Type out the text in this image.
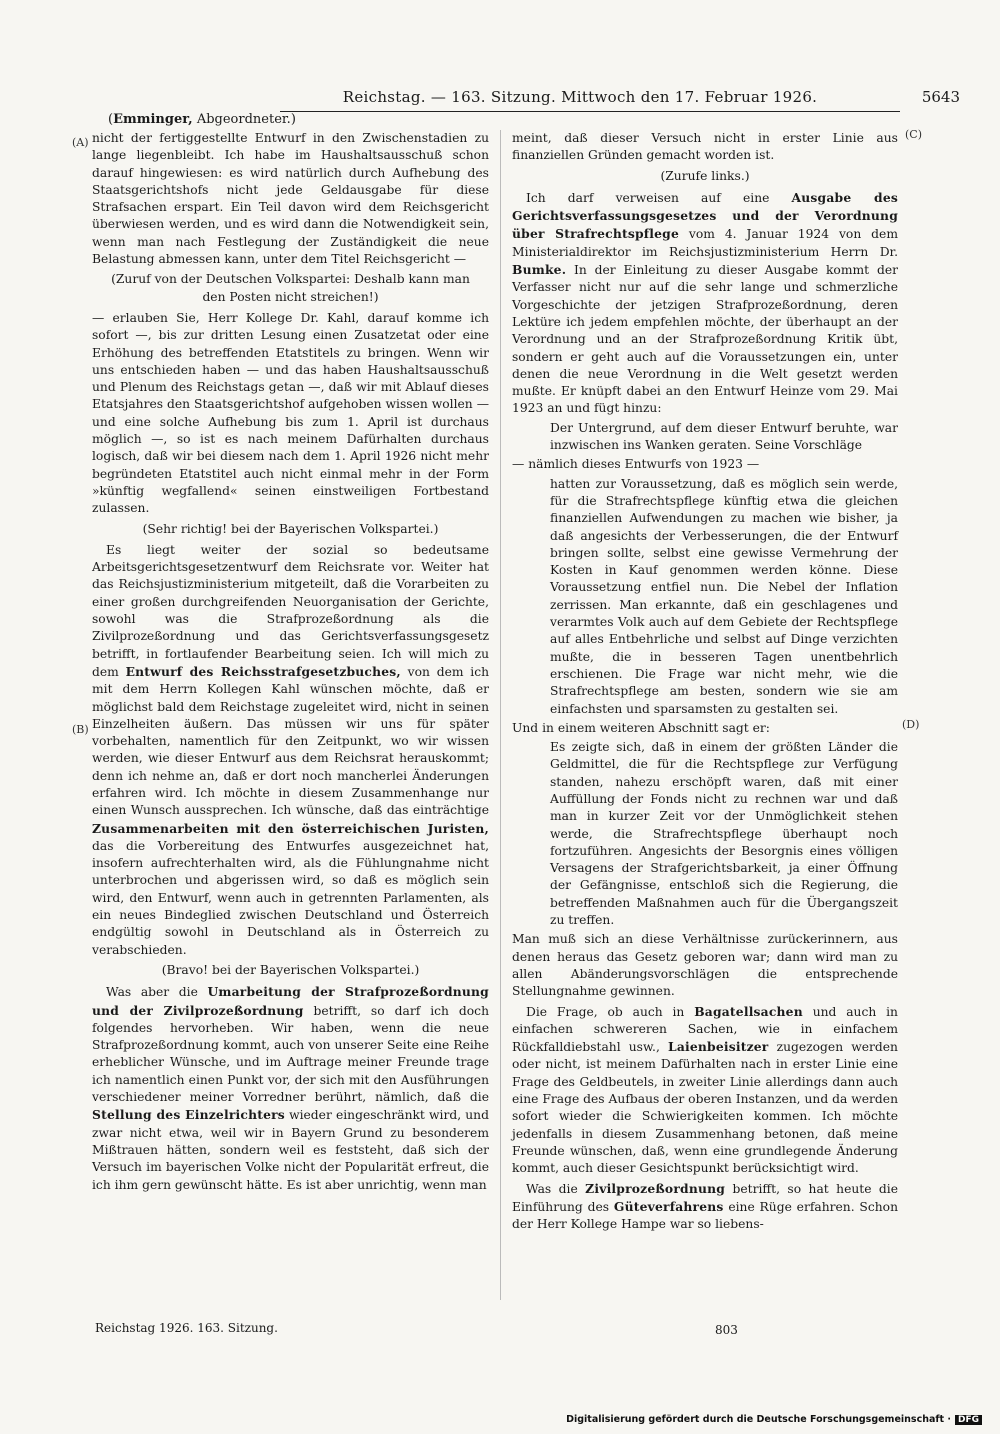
Reichstag. — 163. Sitzung. Mittwoch den 17. Februar 1926.	5643
(Emminger, Abgeordneter.)
(A)
(B)
(C)
(D)

nicht der fertiggestellte Entwurf in den Zwischenstadien zu lange liegenbleibt. Ich habe im Haushaltsausschuß schon darauf hingewiesen: es wird natürlich durch Aufhebung des Staatsgerichtshofs nicht jede Geldausgabe für diese Strafsachen erspart. Ein Teil davon wird dem Reichsgericht überwiesen werden, und es wird dann die Notwendigkeit sein, wenn man nach Festlegung der Zuständigkeit die neue Belastung abmessen kann, unter dem Titel Reichsgericht —

(Zuruf von der Deutschen Volkspartei: Deshalb kann man den Posten nicht streichen!)

— erlauben Sie, Herr Kollege Dr. Kahl, darauf komme ich sofort —, bis zur dritten Lesung einen Zusatzetat oder eine Erhöhung des betreffenden Etatstitels zu bringen. Wenn wir uns entschieden haben — und das haben Haushaltsausschuß und Plenum des Reichstags getan —, daß wir mit Ablauf dieses Etatsjahres den Staatsgerichtshof aufgehoben wissen wollen — und eine solche Aufhebung bis zum 1. April ist durchaus möglich —, so ist es nach meinem Dafürhalten durchaus logisch, daß wir bei diesem nach dem 1. April 1926 nicht mehr begründeten Etatstitel auch nicht einmal mehr in der Form »künftig wegfallend« seinen einstweiligen Fortbestand zulassen.

(Sehr richtig! bei der Bayerischen Volkspartei.)

Es liegt weiter der sozial so bedeutsame Arbeitsgerichtsgesetzentwurf dem Reichsrate vor. Weiter hat das Reichsjustizministerium mitgeteilt, daß die Vorarbeiten zu einer großen durchgreifenden Neuorganisation der Gerichte, sowohl was die Strafprozeßordnung als die Zivilprozeßordnung und das Gerichtsverfassungsgesetz betrifft, in fortlaufender Bearbeitung seien. Ich will mich zu dem Entwurf des Reichsstrafgesetzbuches, von dem ich mit dem Herrn Kollegen Kahl wünschen möchte, daß er möglichst bald dem Reichstage zugeleitet wird, nicht in seinen Einzelheiten äußern. Das müssen wir uns für später vorbehalten, namentlich für den Zeitpunkt, wo wir wissen werden, wie dieser Entwurf aus dem Reichsrat herauskommt; denn ich nehme an, daß er dort noch mancherlei Änderungen erfahren wird. Ich möchte in diesem Zusammenhange nur einen Wunsch aussprechen. Ich wünsche, daß das einträchtige Zusammenarbeiten mit den österreichischen Juristen, das die Vorbereitung des Entwurfes ausgezeichnet hat, insofern aufrechterhalten wird, als die Fühlungnahme nicht unterbrochen und abgerissen wird, so daß es möglich sein wird, den Entwurf, wenn auch in getrennten Parlamenten, als ein neues Bindeglied zwischen Deutschland und Österreich endgültig sowohl in Deutschland als in Österreich zu verabschieden.

(Bravo! bei der Bayerischen Volkspartei.)

Was aber die Umarbeitung der Strafprozeßordnung und der Zivilprozeßordnung betrifft, so darf ich doch folgendes hervorheben. Wir haben, wenn die neue Strafprozeßordnung kommt, auch von unserer Seite eine Reihe erheblicher Wünsche, und im Auftrage meiner Freunde trage ich namentlich einen Punkt vor, der sich mit den Ausführungen verschiedener meiner Vorredner berührt, nämlich, daß die Stellung des Einzelrichters wieder eingeschränkt wird, und zwar nicht etwa, weil wir in Bayern Grund zu besonderem Mißtrauen hätten, sondern weil es feststeht, daß sich der Versuch im bayerischen Volke nicht der Popularität erfreut, die ich ihm gern gewünscht hätte. Es ist aber unrichtig, wenn man

meint, daß dieser Versuch nicht in erster Linie aus finanziellen Gründen gemacht worden ist.

(Zurufe links.)

Ich darf verweisen auf eine Ausgabe des Gerichtsverfassungsgesetzes und der Verordnung über Strafrechtspflege vom 4. Januar 1924 von dem Ministerialdirektor im Reichsjustizministerium Herrn Dr. Bumke. In der Einleitung zu dieser Ausgabe kommt der Verfasser nicht nur auf die sehr lange und schmerzliche Vorgeschichte der jetzigen Strafprozeßordnung, deren Lektüre ich jedem empfehlen möchte, der überhaupt an der Verordnung und an der Strafprozeßordnung Kritik übt, sondern er geht auch auf die Voraussetzungen ein, unter denen die neue Verordnung in die Welt gesetzt werden mußte. Er knüpft dabei an den Entwurf Heinze vom 29. Mai 1923 an und fügt hinzu:

Der Untergrund, auf dem dieser Entwurf beruhte, war inzwischen ins Wanken geraten. Seine Vorschläge

— nämlich dieses Entwurfs von 1923 —

hatten zur Voraussetzung, daß es möglich sein werde, für die Strafrechtspflege künftig etwa die gleichen finanziellen Aufwendungen zu machen wie bisher, ja daß angesichts der Verbesserungen, die der Entwurf bringen sollte, selbst eine gewisse Vermehrung der Kosten in Kauf genommen werden könne. Diese Voraussetzung entfiel nun. Die Nebel der Inflation zerrissen. Man erkannte, daß ein geschlagenes und verarmtes Volk auch auf dem Gebiete der Rechtspflege auf alles Entbehrliche und selbst auf Dinge verzichten mußte, die in besseren Tagen unentbehrlich erschienen. Die Frage war nicht mehr, wie die Strafrechtspflege am besten, sondern wie sie am einfachsten und sparsamsten zu gestalten sei.

Und in einem weiteren Abschnitt sagt er:

Es zeigte sich, daß in einem der größten Länder die Geldmittel, die für die Rechtspflege zur Verfügung standen, nahezu erschöpft waren, daß mit einer Auffüllung der Fonds nicht zu rechnen war und daß man in kurzer Zeit vor der Unmöglichkeit stehen werde, die Strafrechtspflege überhaupt noch fortzuführen. Angesichts der Besorgnis eines völligen Versagens der Strafgerichtsbarkeit, ja einer Öffnung der Gefängnisse, entschloß sich die Regierung, die betreffenden Maßnahmen auch für die Übergangszeit zu treffen.

Man muß sich an diese Verhältnisse zurückerinnern, aus denen heraus das Gesetz geboren war; dann wird man zu allen Abänderungsvorschlägen die entsprechende Stellungnahme gewinnen.

Die Frage, ob auch in Bagatellsachen und auch in einfachen schwereren Sachen, wie in einfachem Rückfalldiebstahl usw., Laienbeisitzer zugezogen werden oder nicht, ist meinem Dafürhalten nach in erster Linie eine Frage des Geldbeutels, in zweiter Linie allerdings dann auch eine Frage des Aufbaus der oberen Instanzen, und da werden sofort wieder die Schwierigkeiten kommen. Ich möchte jedenfalls in diesem Zusammenhang betonen, daß meine Freunde wünschen, daß, wenn eine grundlegende Änderung kommt, auch dieser Gesichtspunkt berücksichtigt wird.

Was die Zivilprozeßordnung betrifft, so hat heute die Einführung des Güteverfahrens eine Rüge erfahren. Schon der Herr Kollege Hampe war so liebens-

Reichstag 1926. 163. Sitzung.	803
Digitalisierung gefördert durch die Deutsche Forschungsgemeinschaft · DFG
